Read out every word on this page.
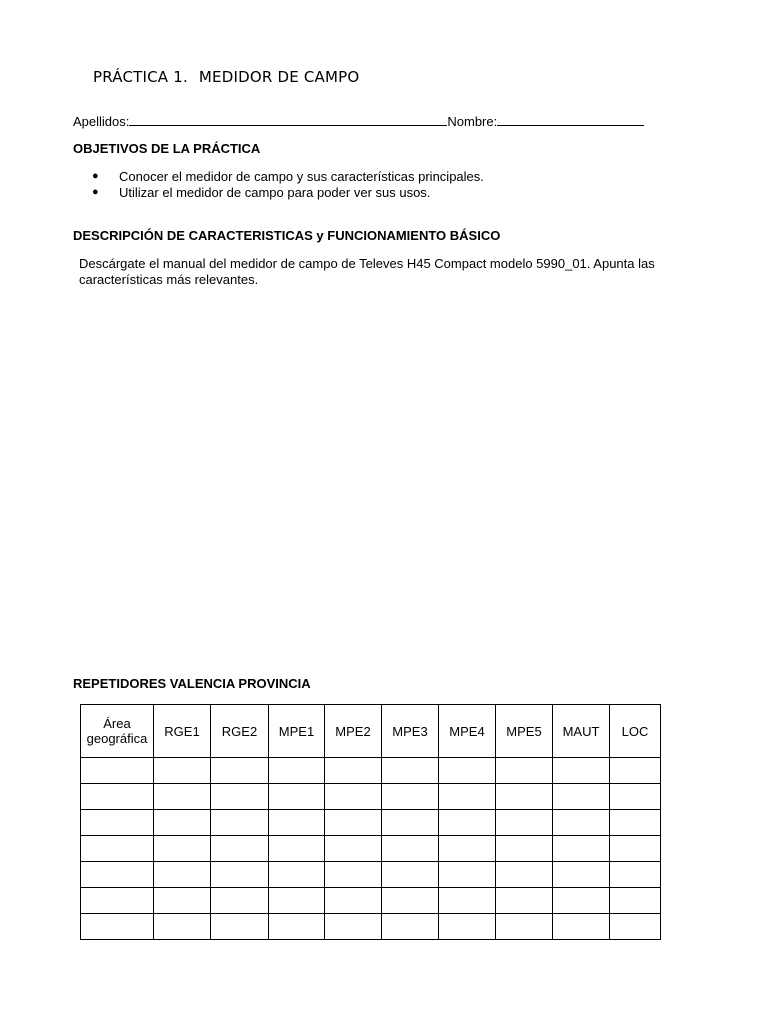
PRÁCTICA 1. MEDIDOR DE CAMPO
Apellidos:	Nombre:
OBJETIVOS DE LA PRÁCTICA
●	Conocer el medidor de campo y sus características principales.
●	Utilizar el medidor de campo para poder ver sus usos.
DESCRIPCIÓN DE CARACTERISTICAS y FUNCIONAMIENTO BÁSICO
Descárgate el manual del medidor de campo de Televes H45 Compact modelo 5990_01. Apunta las características más relevantes.
REPETIDORES VALENCIA PROVINCIA
Área geográfica	RGE1	RGE2	MPE1	MPE2	MPE3	MPE4	MPE5	MAUT	LOC
